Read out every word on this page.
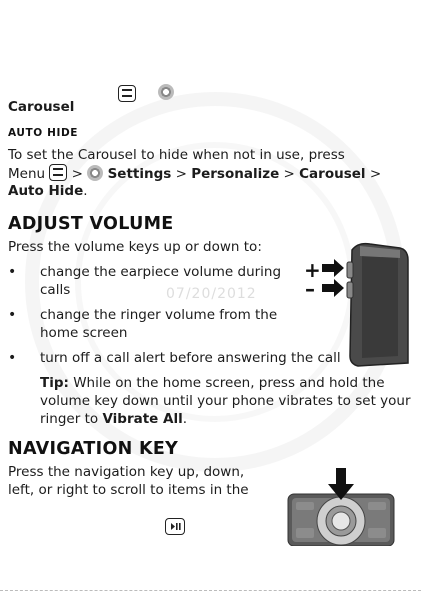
07/20/2012

Carousel
AUTO HIDE
To set the Carousel to hide when not in use, press
Menu > Settings > Personalize > Carousel >
Auto Hide.
ADJUST VOLUME
Press the volume keys up or down to:
• change the earpiece volume during
calls
• change the ringer volume from the
home screen
• turn off a call alert before answering the call
Tip: While on the home screen, press and hold the
volume key down until your phone vibrates to set your
ringer to Vibrate All.
+
–
NAVIGATION KEY
Press the navigation key up, down,
left, or right to scroll to items in the
